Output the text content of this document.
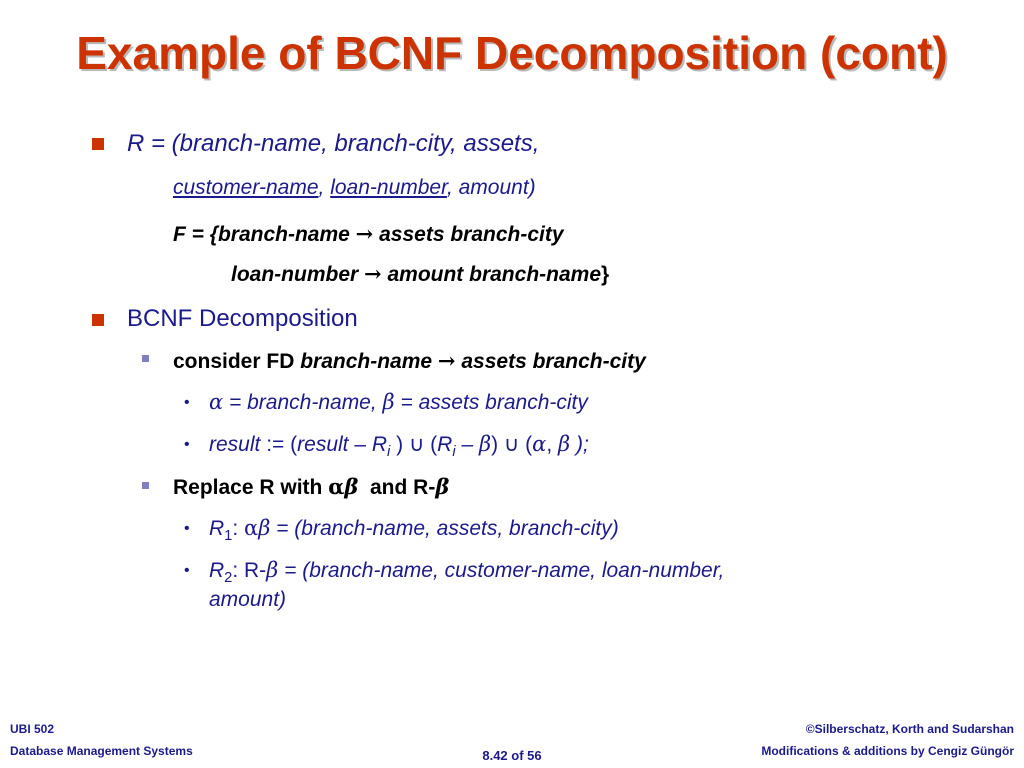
Example of BCNF Decomposition (cont)
R = (branch-name, branch-city, assets,
customer-name, loan-number, amount)
F = {branch-name → assets branch-city
loan-number → amount branch-name}
BCNF Decomposition
consider FD branch-name → assets branch-city
• α = branch-name, β = assets branch-city
• result := (result – $R_i$ ) ∪ $(R_i - \beta)$ ∪ (α, β );
Replace R with αβ  and R-β
• $R_1$: αβ = (branch-name, assets, branch-city)
• $R_2$: R-β = (branch-name, customer-name, loan-number,
amount)
UBI 502
Database Management Systems	8.42 of 56
©Silberschatz, Korth and Sudarshan
Modifications & additions by Cengiz Güngör
